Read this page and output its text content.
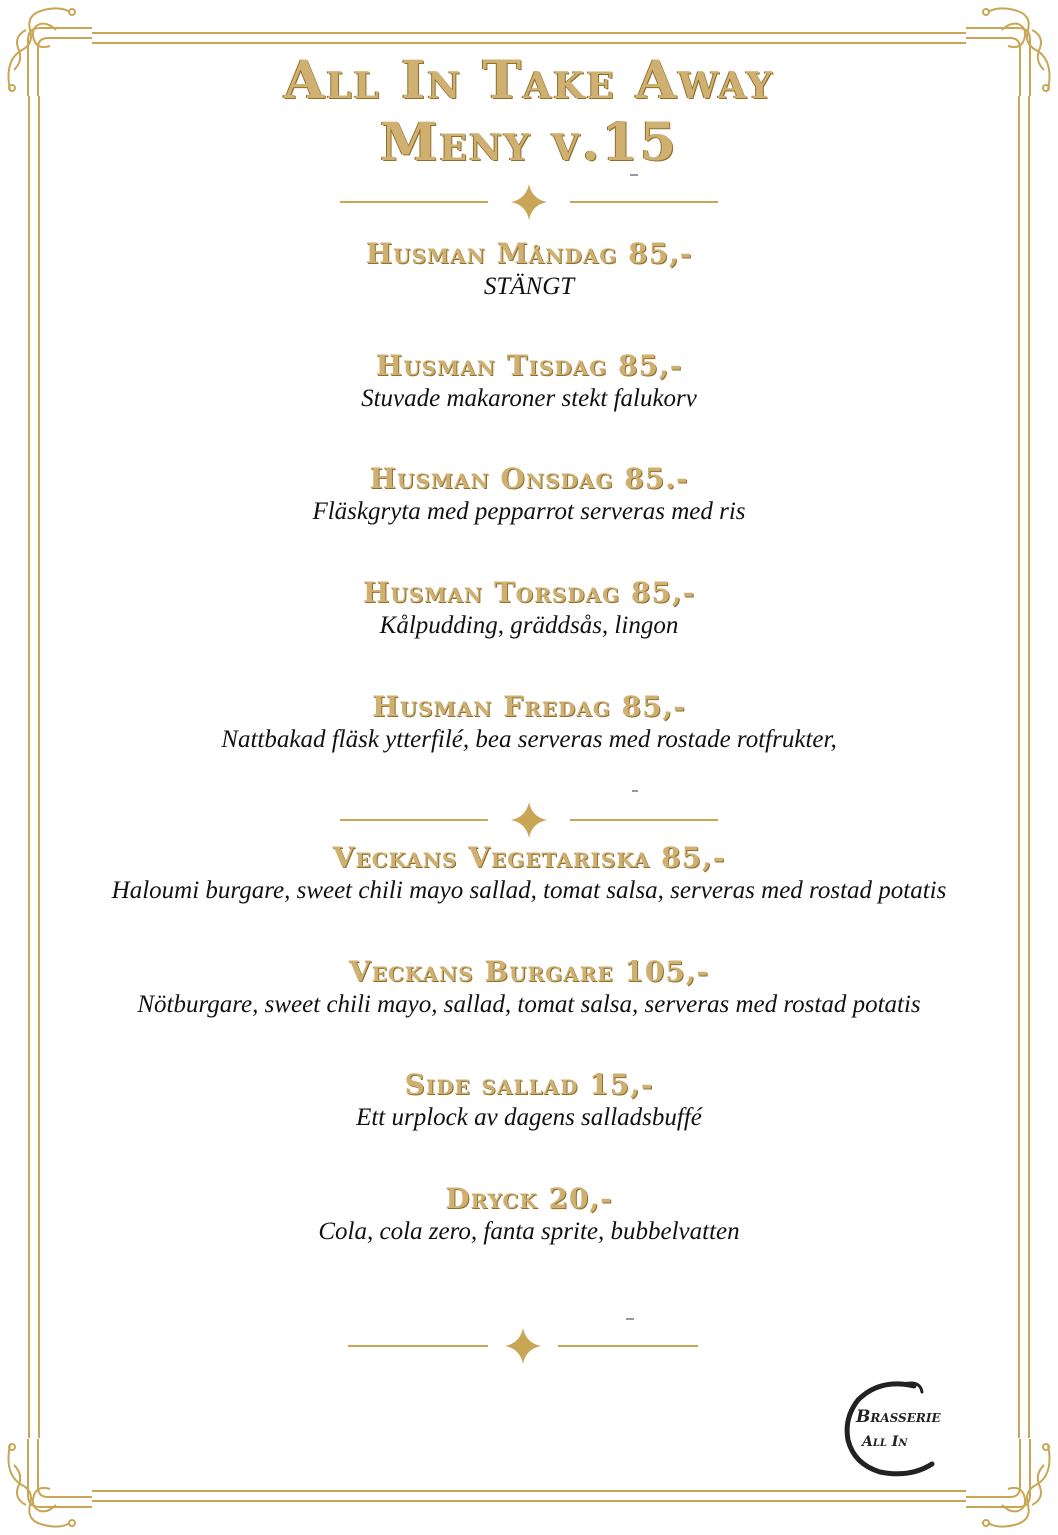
All In Take Away
Meny v.15
Husman Måndag 85,-
STÄNGT
Husman Tisdag 85,-
Stuvade makaroner stekt falukorv
Husman Onsdag 85.-
Fläskgryta med pepparrot serveras med ris
Husman Torsdag 85,-
Kålpudding, gräddsås, lingon
Husman Fredag 85,-
Nattbakad fläsk ytterfilé, bea serveras med rostade rotfrukter,
Veckans Vegetariska 85,-
Haloumi burgare, sweet chili mayo sallad, tomat salsa, serveras med rostad potatis
Veckans Burgare 105,-
Nötburgare, sweet chili mayo, sallad, tomat salsa, serveras med rostad potatis
Side sallad 15,-
Ett urplock av dagens salladsbuffé
Dryck 20,-
Cola, cola zero, fanta sprite, bubbelvatten
Brasserie
All In
